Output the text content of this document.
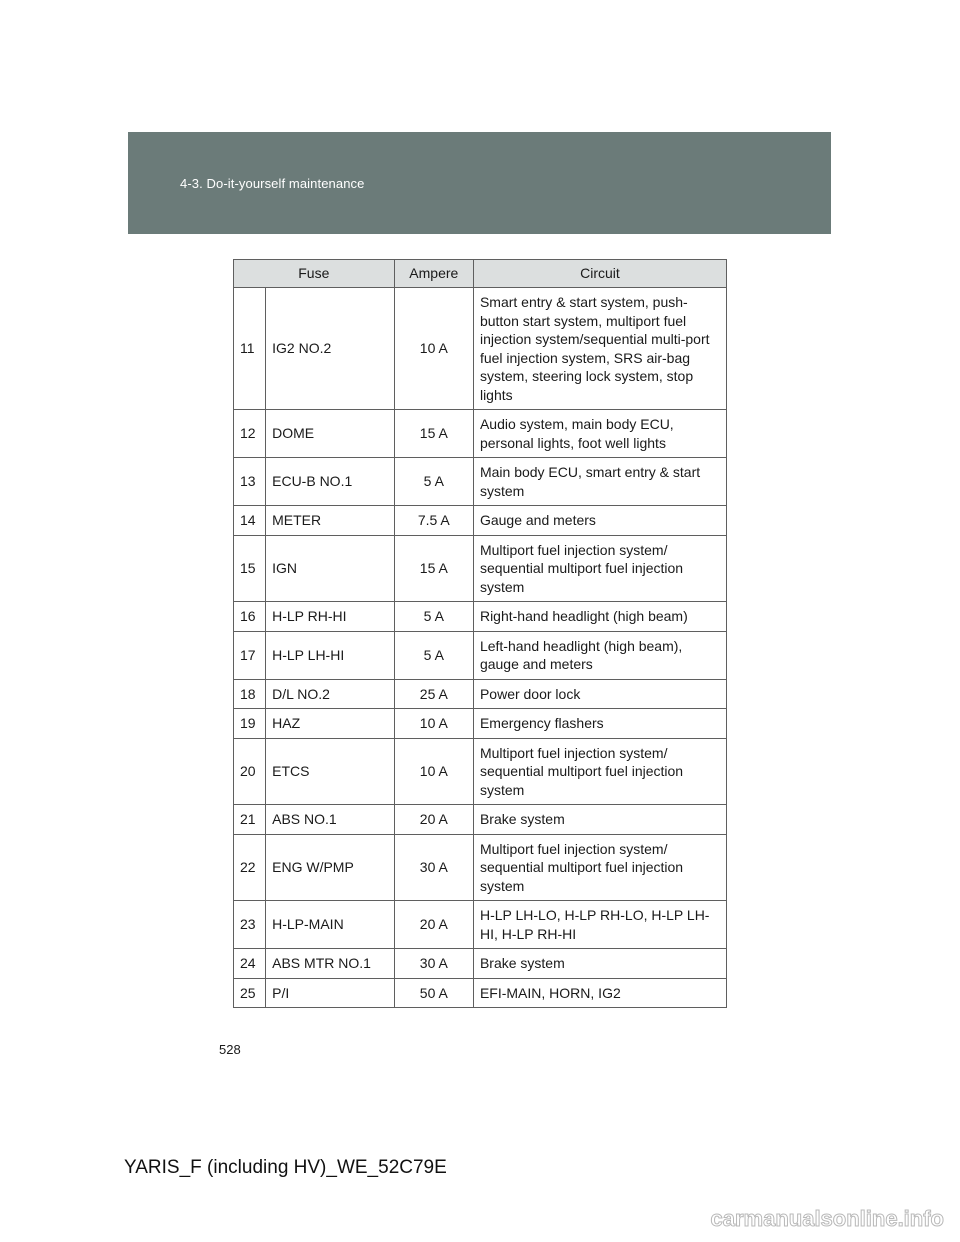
4-3. Do-it-yourself maintenance
Fuse		Ampere	Circuit
11	IG2 NO.2	10 A	Smart entry & start system, push-button start system, multiport fuel injection system/sequential multi-port fuel injection system, SRS air-bag system, steering lock system, stop lights
12	DOME	15 A	Audio system, main body ECU, personal lights, foot well lights
13	ECU-B NO.1	5 A	Main body ECU, smart entry & start system
14	METER	7.5 A	Gauge and meters
15	IGN	15 A	Multiport fuel injection system/ sequential multiport fuel injection system
16	H-LP RH-HI	5 A	Right-hand headlight (high beam)
17	H-LP LH-HI	5 A	Left-hand headlight (high beam), gauge and meters
18	D/L NO.2	25 A	Power door lock
19	HAZ	10 A	Emergency flashers
20	ETCS	10 A	Multiport fuel injection system/ sequential multiport fuel injection system
21	ABS NO.1	20 A	Brake system
22	ENG W/PMP	30 A	Multiport fuel injection system/ sequential multiport fuel injection system
23	H-LP-MAIN	20 A	H-LP LH-LO, H-LP RH-LO, H-LP LH-HI, H-LP RH-HI
24	ABS MTR NO.1	30 A	Brake system
25	P/I	50 A	EFI-MAIN, HORN, IG2
528
YARIS_F (including HV)_WE_52C79E
carmanualsonline.info
